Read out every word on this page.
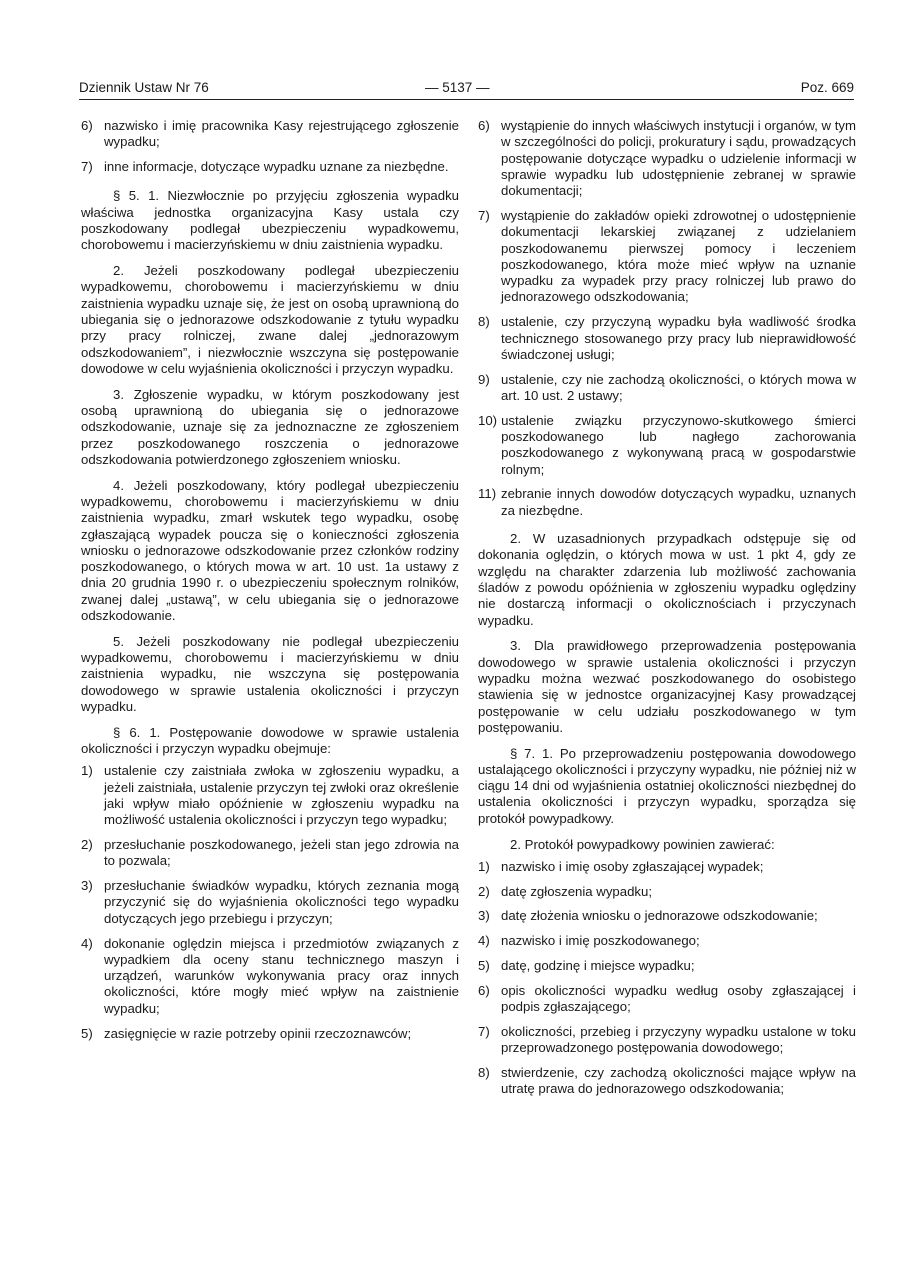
Dziennik Ustaw Nr 76	— 5137 —	Poz. 669
6) nazwisko i imię pracownika Kasy rejestrującego zgłoszenie wypadku;
7) inne informacje, dotyczące wypadku uznane za niezbędne.

§ 5. 1. Niezwłocznie po przyjęciu zgłoszenia wypadku właściwa jednostka organizacyjna Kasy ustala czy poszkodowany podlegał ubezpieczeniu wypadkowemu, chorobowemu i macierzyńskiemu w dniu zaistnienia wypadku.

2. Jeżeli poszkodowany podlegał ubezpieczeniu wypadkowemu, chorobowemu i macierzyńskiemu w dniu zaistnienia wypadku uznaje się, że jest on osobą uprawnioną do ubiegania się o jednorazowe odszkodowanie z tytułu wypadku przy pracy rolniczej, zwane dalej „jednorazowym odszkodowaniem”, i niezwłocznie wszczyna się postępowanie dowodowe w celu wyjaśnienia okoliczności i przyczyn wypadku.

3. Zgłoszenie wypadku, w którym poszkodowany jest osobą uprawnioną do ubiegania się o jednorazowe odszkodowanie, uznaje się za jednoznaczne ze zgłoszeniem przez poszkodowanego roszczenia o jednorazowe odszkodowania potwierdzonego zgłoszeniem wniosku.

4. Jeżeli poszkodowany, który podlegał ubezpieczeniu wypadkowemu, chorobowemu i macierzyńskiemu w dniu zaistnienia wypadku, zmarł wskutek tego wypadku, osobę zgłaszającą wypadek poucza się o konieczności zgłoszenia wniosku o jednorazowe odszkodowanie przez członków rodziny poszkodowanego, o których mowa w art. 10 ust. 1a ustawy z dnia 20 grudnia 1990 r. o ubezpieczeniu społecznym rolników, zwanej dalej „ustawą”, w celu ubiegania się o jednorazowe odszkodowanie.

5. Jeżeli poszkodowany nie podlegał ubezpieczeniu wypadkowemu, chorobowemu i macierzyńskiemu w dniu zaistnienia wypadku, nie wszczyna się postępowania dowodowego w sprawie ustalenia okoliczności i przyczyn wypadku.

§ 6. 1. Postępowanie dowodowe w sprawie ustalenia okoliczności i przyczyn wypadku obejmuje:

1) ustalenie czy zaistniała zwłoka w zgłoszeniu wypadku, a jeżeli zaistniała, ustalenie przyczyn tej zwłoki oraz określenie jaki wpływ miało opóźnienie w zgłoszeniu wypadku na możliwość ustalenia okoliczności i przyczyn tego wypadku;
2) przesłuchanie poszkodowanego, jeżeli stan jego zdrowia na to pozwala;
3) przesłuchanie świadków wypadku, których zeznania mogą przyczynić się do wyjaśnienia okoliczności tego wypadku dotyczących jego przebiegu i przyczyn;
4) dokonanie oględzin miejsca i przedmiotów związanych z wypadkiem dla oceny stanu technicznego maszyn i urządzeń, warunków wykonywania pracy oraz innych okoliczności, które mogły mieć wpływ na zaistnienie wypadku;
5) zasięgnięcie w razie potrzeby opinii rzeczoznawców;
6) wystąpienie do innych właściwych instytucji i organów, w tym w szczególności do policji, prokuratury i sądu, prowadzących postępowanie dotyczące wypadku o udzielenie informacji w sprawie wypadku lub udostępnienie zebranej w sprawie dokumentacji;
7) wystąpienie do zakładów opieki zdrowotnej o udostępnienie dokumentacji lekarskiej związanej z udzielaniem poszkodowanemu pierwszej pomocy i leczeniem poszkodowanego, która może mieć wpływ na uznanie wypadku za wypadek przy pracy rolniczej lub prawo do jednorazowego odszkodowania;
8) ustalenie, czy przyczyną wypadku była wadliwość środka technicznego stosowanego przy pracy lub nieprawidłowość świadczonej usługi;
9) ustalenie, czy nie zachodzą okoliczności, o których mowa w art. 10 ust. 2 ustawy;
10) ustalenie związku przyczynowo-skutkowego śmierci poszkodowanego lub nagłego zachorowania poszkodowanego z wykonywaną pracą w gospodarstwie rolnym;
11) zebranie innych dowodów dotyczących wypadku, uznanych za niezbędne.

2. W uzasadnionych przypadkach odstępuje się od dokonania oględzin, o których mowa w ust. 1 pkt 4, gdy ze względu na charakter zdarzenia lub możliwość zachowania śladów z powodu opóźnienia w zgłoszeniu wypadku oględziny nie dostarczą informacji o okolicznościach i przyczynach wypadku.

3. Dla prawidłowego przeprowadzenia postępowania dowodowego w sprawie ustalenia okoliczności i przyczyn wypadku można wezwać poszkodowanego do osobistego stawienia się w jednostce organizacyjnej Kasy prowadzącej postępowanie w celu udziału poszkodowanego w tym postępowaniu.

§ 7. 1. Po przeprowadzeniu postępowania dowodowego ustalającego okoliczności i przyczyny wypadku, nie później niż w ciągu 14 dni od wyjaśnienia ostatniej okoliczności niezbędnej do ustalenia okoliczności i przyczyn wypadku, sporządza się protokół powypadkowy.

2. Protokół powypadkowy powinien zawierać:

1) nazwisko i imię osoby zgłaszającej wypadek;
2) datę zgłoszenia wypadku;
3) datę złożenia wniosku o jednorazowe odszkodowanie;
4) nazwisko i imię poszkodowanego;
5) datę, godzinę i miejsce wypadku;
6) opis okoliczności wypadku według osoby zgłaszającej i podpis zgłaszającego;
7) okoliczności, przebieg i przyczyny wypadku ustalone w toku przeprowadzonego postępowania dowodowego;
8) stwierdzenie, czy zachodzą okoliczności mające wpływ na utratę prawa do jednorazowego odszkodowania;
